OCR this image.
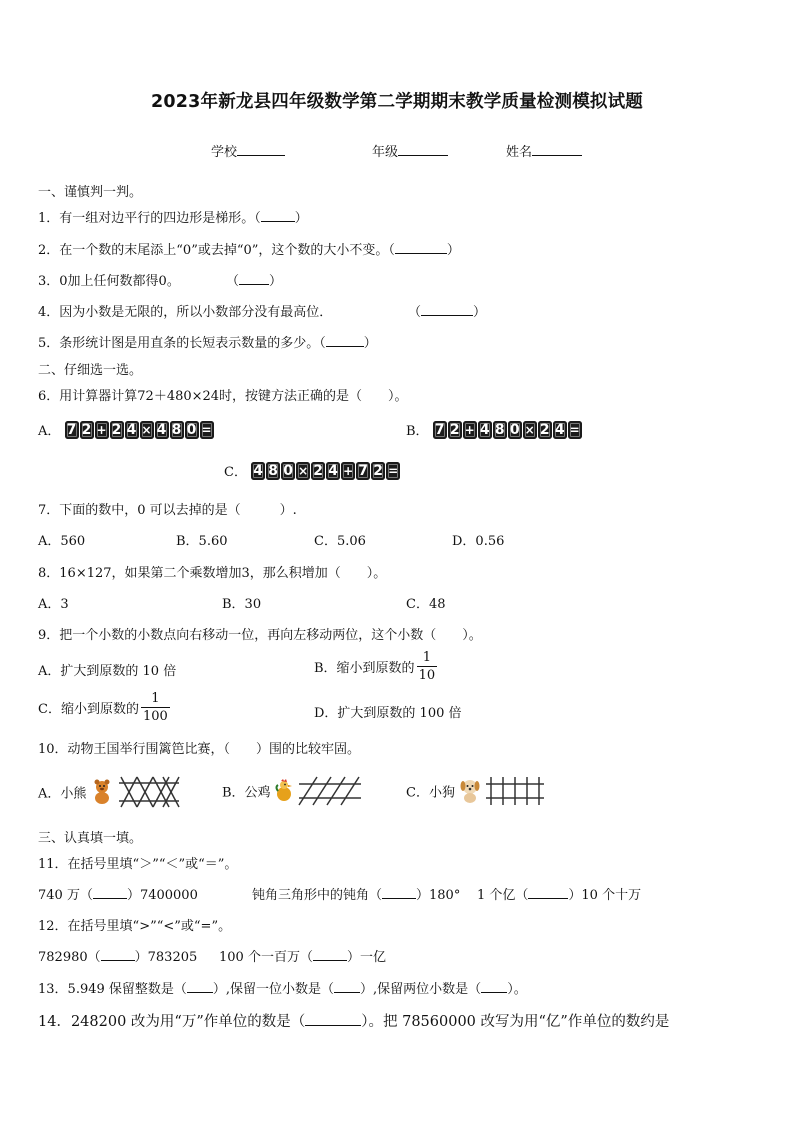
2023年新龙县四年级数学第二学期期末教学质量检测模拟试题
学校	年级	姓名
一、谨慎判一判。
1．有一组对边平行的四边形是梯形。（	）
2．在一个数的末尾添上“0”或去掉“0”，这个数的大小不变。（	）
3．0加上任何数都得0。	（ ）
4．因为小数是无限的，所以小数部分没有最高位．	（	）
5．条形统计图是用直条的长短表示数量的多少。（	）
二、仔细选一选。
6．用计算器计算72＋480×24时，按键方法正确的是（　　）。
A． 7 2 + 2 4 × 4 8 0 =	B． 7 2 + 4 8 0 × 2 4 =
C． 4 8 0 × 2 4 + 7 2 =
7．下面的数中，0 可以去掉的是（　　　）.
A．560	B．5.60	C．5.06	D．0.56
8．16×127，如果第二个乘数增加3，那么积增加（　　）。
A．3	B．30	C．48
9．把一个小数的小数点向右移动一位，再向左移动两位，这个小数（　　）。
A．扩大到原数的 10 倍	B．缩小到原数的 $\frac{1}{10}$
C．缩小到原数的 $\frac{1}{100}$	D．扩大到原数的 100 倍
10．动物王国举行围篱笆比赛，（　　）围的比较牢固。
A．小熊	B．公鸡	C．小狗
三、认真填一填。
11．在括号里填“＞”“＜”或“＝”。
740 万（	）7400000	钝角三角形中的钝角（	）180° 1 个亿（	）10 个十万
12．在括号里填“>”“<”或“=”。
782980（	）783205 100 个一百万（	）一亿
13．5.949 保留整数是（ ）,保留一位小数是（ ）,保留两位小数是（ ）。
14．248200 改为用“万”作单位的数是（	）。把 78560000 改写为用“亿”作单位的数约是
